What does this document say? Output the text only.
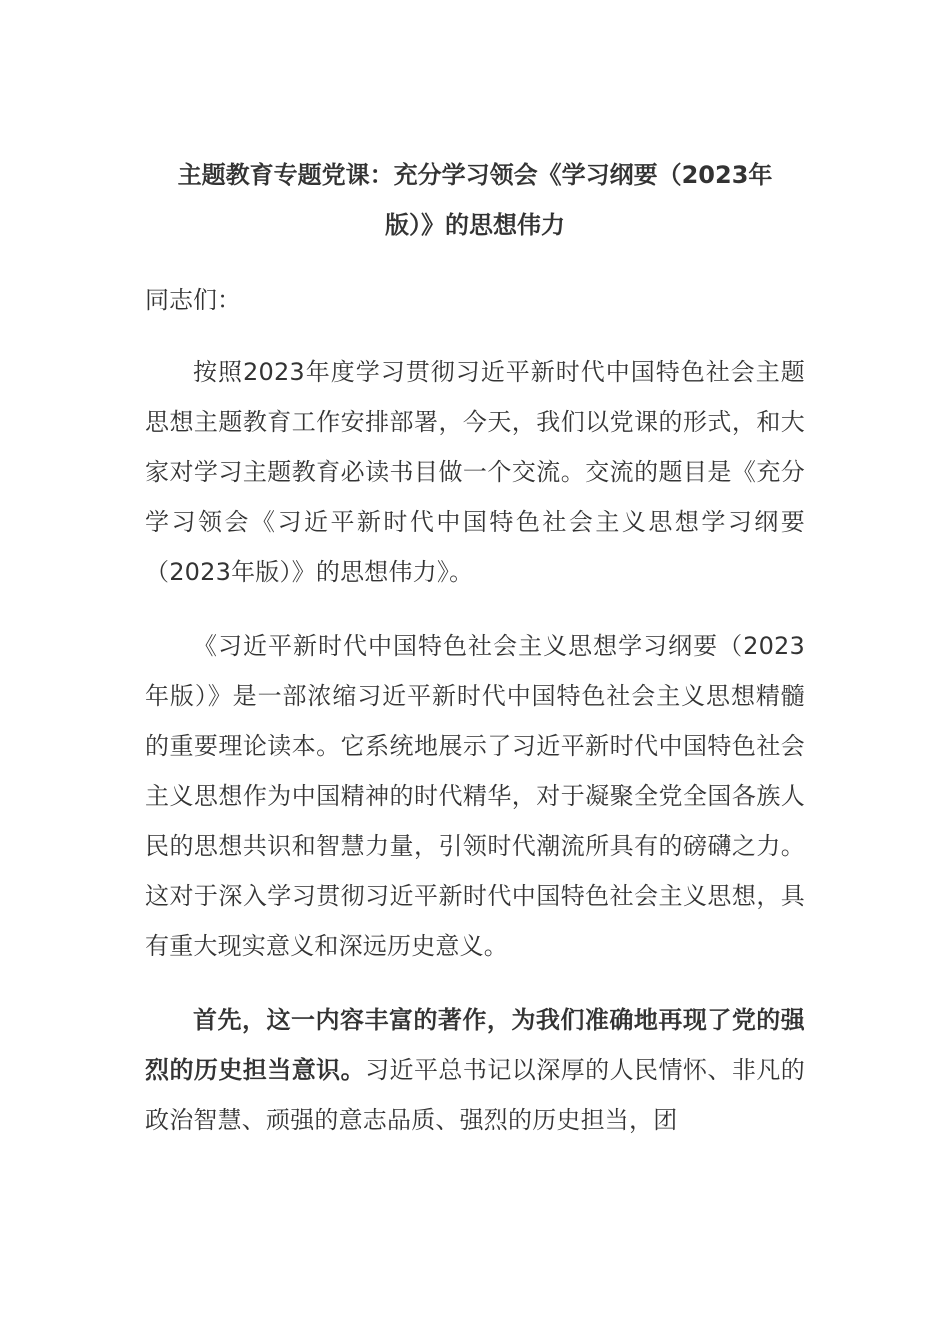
主题教育专题党课：充分学习领会《学习纲要（2023年
版）》的思想伟力
同志们：

按照2023年度学习贯彻习近平新时代中国特色社会主题思想主题教育工作安排部署，今天，我们以党课的形式，和大家对学习主题教育必读书目做一个交流。交流的题目是《充分学习领会《习近平新时代中国特色社会主义思想学习纲要（2023年版）》的思想伟力》。

《习近平新时代中国特色社会主义思想学习纲要（2023年版）》是一部浓缩习近平新时代中国特色社会主义思想精髓的重要理论读本。它系统地展示了习近平新时代中国特色社会主义思想作为中国精神的时代精华，对于凝聚全党全国各族人民的思想共识和智慧力量，引领时代潮流所具有的磅礴之力。这对于深入学习贯彻习近平新时代中国特色社会主义思想，具有重大现实意义和深远历史意义。

首先，这一内容丰富的著作，为我们准确地再现了党的强烈的历史担当意识。习近平总书记以深厚的人民情怀、非凡的政治智慧、顽强的意志品质、强烈的历史担当，团
